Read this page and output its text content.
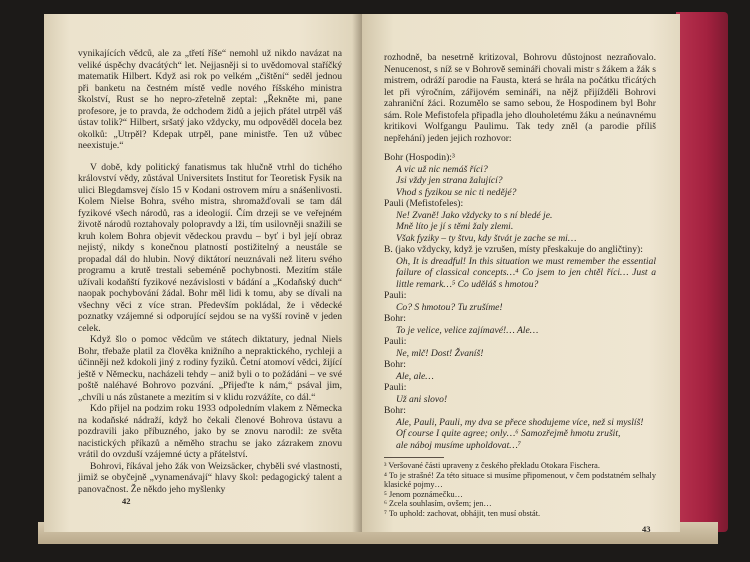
vynikajících vědců, ale za „třetí říše“ nemohl už nikdo navázat na veliké úspěchy dvacátých“ let. Nejjasněji si to uvědomoval staříčký matematik Hilbert. Když asi rok po velkém „čištění“ seděl jednou při banketu na čestném místě vedle nového říšského ministra školství, Rust se ho nepro-zřetelně zeptal: „Řekněte mi, pane profesore, je to pravda, že odchodem židů a jejich přátel utrpěl váš ústav tolik?“ Hilbert, sršatý jako vždycky, mu odpověděl docela bez okolků: „Utrpěl? Kdepak utrpěl, pane ministře. Ten už vůbec neexistuje.“

V době, kdy politický fanatismus tak hlučně vtrhl do tichého království vědy, zůstával Universitets Institut for Teoretisk Fysik na ulici Blegdamsvej číslo 15 v Kodani ostrovem míru a snášenlivosti. Kolem Nielse Bohra, svého mistra, shromažďovali se tam dál fyzikové všech národů, ras a ideologií. Čím drzeji se ve veřejném životě národů roztahovaly polopravdy a lži, tím usilovněji snažili se kruh kolem Bohra objevit vědeckou pravdu – byť i byl její obraz nejistý, nikdy s konečnou platností postižitelný a neustále se propadal dál do hlubin. Nový diktátorí neuznávali než literu svého programu a krutě trestali sebeméně pochybnosti. Mezitím stále užívali kodaňští fyzikové nezávislosti v bádání a „Kodaňský duch“ naopak pochybování žádal. Bohr měl lidi k tomu, aby se dívali na všechny věci z více stran. Především pokládal, že i vědecké poznatky vzájemné si odporující sejdou se na vyšší rovině v jeden celek.

Když šlo o pomoc vědcům ve státech diktatury, jednal Niels Bohr, třebaže platil za člověka knižního a nepraktického, rychleji a účinněji než kdokoli jiný z rodiny fyziků. Četní atomoví vědci, žijící ještě v Německu, nacházeli tehdy – aniž byli o to požádáni – ve své poště naléhavé Bohrovo pozvání. „Přijeďte k nám,“ psával jim, „chvíli u nás zůstanete a mezitím si v klidu rozvážíte, co dál.“

Kdo přijel na podzim roku 1933 odpoledním vlakem z Německa na kodaňské nádraží, když ho čekali členové Bohrova ústavu a pozdravili jako příbuzného, jako by se znovu narodil: ze světa nacistických příkazů a něměho strachu se jako zázrakem znovu vrátil do ovzduší vzájemné úcty a přátelství.

Bohrovi, říkával jeho žák von Weizsäcker, chyběli své vlastnosti, jimiž se obyčejně „vynamenávají“ hlavy škol: pedagogický talent a panovačnost. Že někdo jeho myšlenky

42

rozhodně, ba nesetrně kritizoval, Bohrovu důstojnost nezraňovalo. Nenucenost, s níž se v Bohrově semináři chovali mistr s žákem a žák s mistrem, odráží parodie na Fausta, která se hrála na počátku třicátých let při výročním, zářijovém semináři, na nějž přijížděli Bohrovi zahraniční žáci. Rozumělo se samo sebou, že Hospodinem byl Bohr sám. Role Mefistofela připadla jeho dlouholetému žáku a neúnavnému kritikovi Wolfgangu Paulimu. Tak tedy zněl (a parodie příliš nepřehání) jeden jejich rozhovor:

Bohr (Hospodin):³

A vic už nic nemáš říci?

Jsi vždy jen strana žalující?

Vhod s fyzikou se nic ti nedějé?

Pauli (Mefistofeles):

Ne! Zvaně! Jako vždycky to s ní bledé je.

Mně líto je jí s těmi žaly zlemi.

Však fyziky – ty štvu, kdy štvát je zache se mi…

B. (jako vždycky, když je vzrušen, místy přeskakuje do angličtiny):

Oh, It is dreadful! In this situation we must remember the essential failure of classical concepts…⁴ Co jsem to jen chtěl říci… Just a little remark…⁵ Co uděláš s hmotou?

Pauli:

Co? S hmotou? Tu zrušíme!

Bohr:

To je velice, velice zajímavé!… Ale…

Pauli:

Ne, mlč! Dost! Žvaníš!

Bohr:

Ale, ale…

Pauli:

Už ani slovo!

Bohr:

Ale, Pauli, Pauli, my dva se přece shodujeme více, než si myslíš!

Of course I quite agree; only…⁶ Samozřejmě hmotu zrušit,

ale náboj musíme upholdovat…⁷

³ Veršované části upraveny z českého překladu Otokara Fischera.

⁴ To je strašné! Za této situace si musíme připomenout, v čem podstatném selhaly klasické pojmy…

⁵ Jenom poznámečku…

⁶ Zcela souhlasím, ovšem; jen…

⁷ To uphold: zachovat, obhájit, ten musí obstát.

43
